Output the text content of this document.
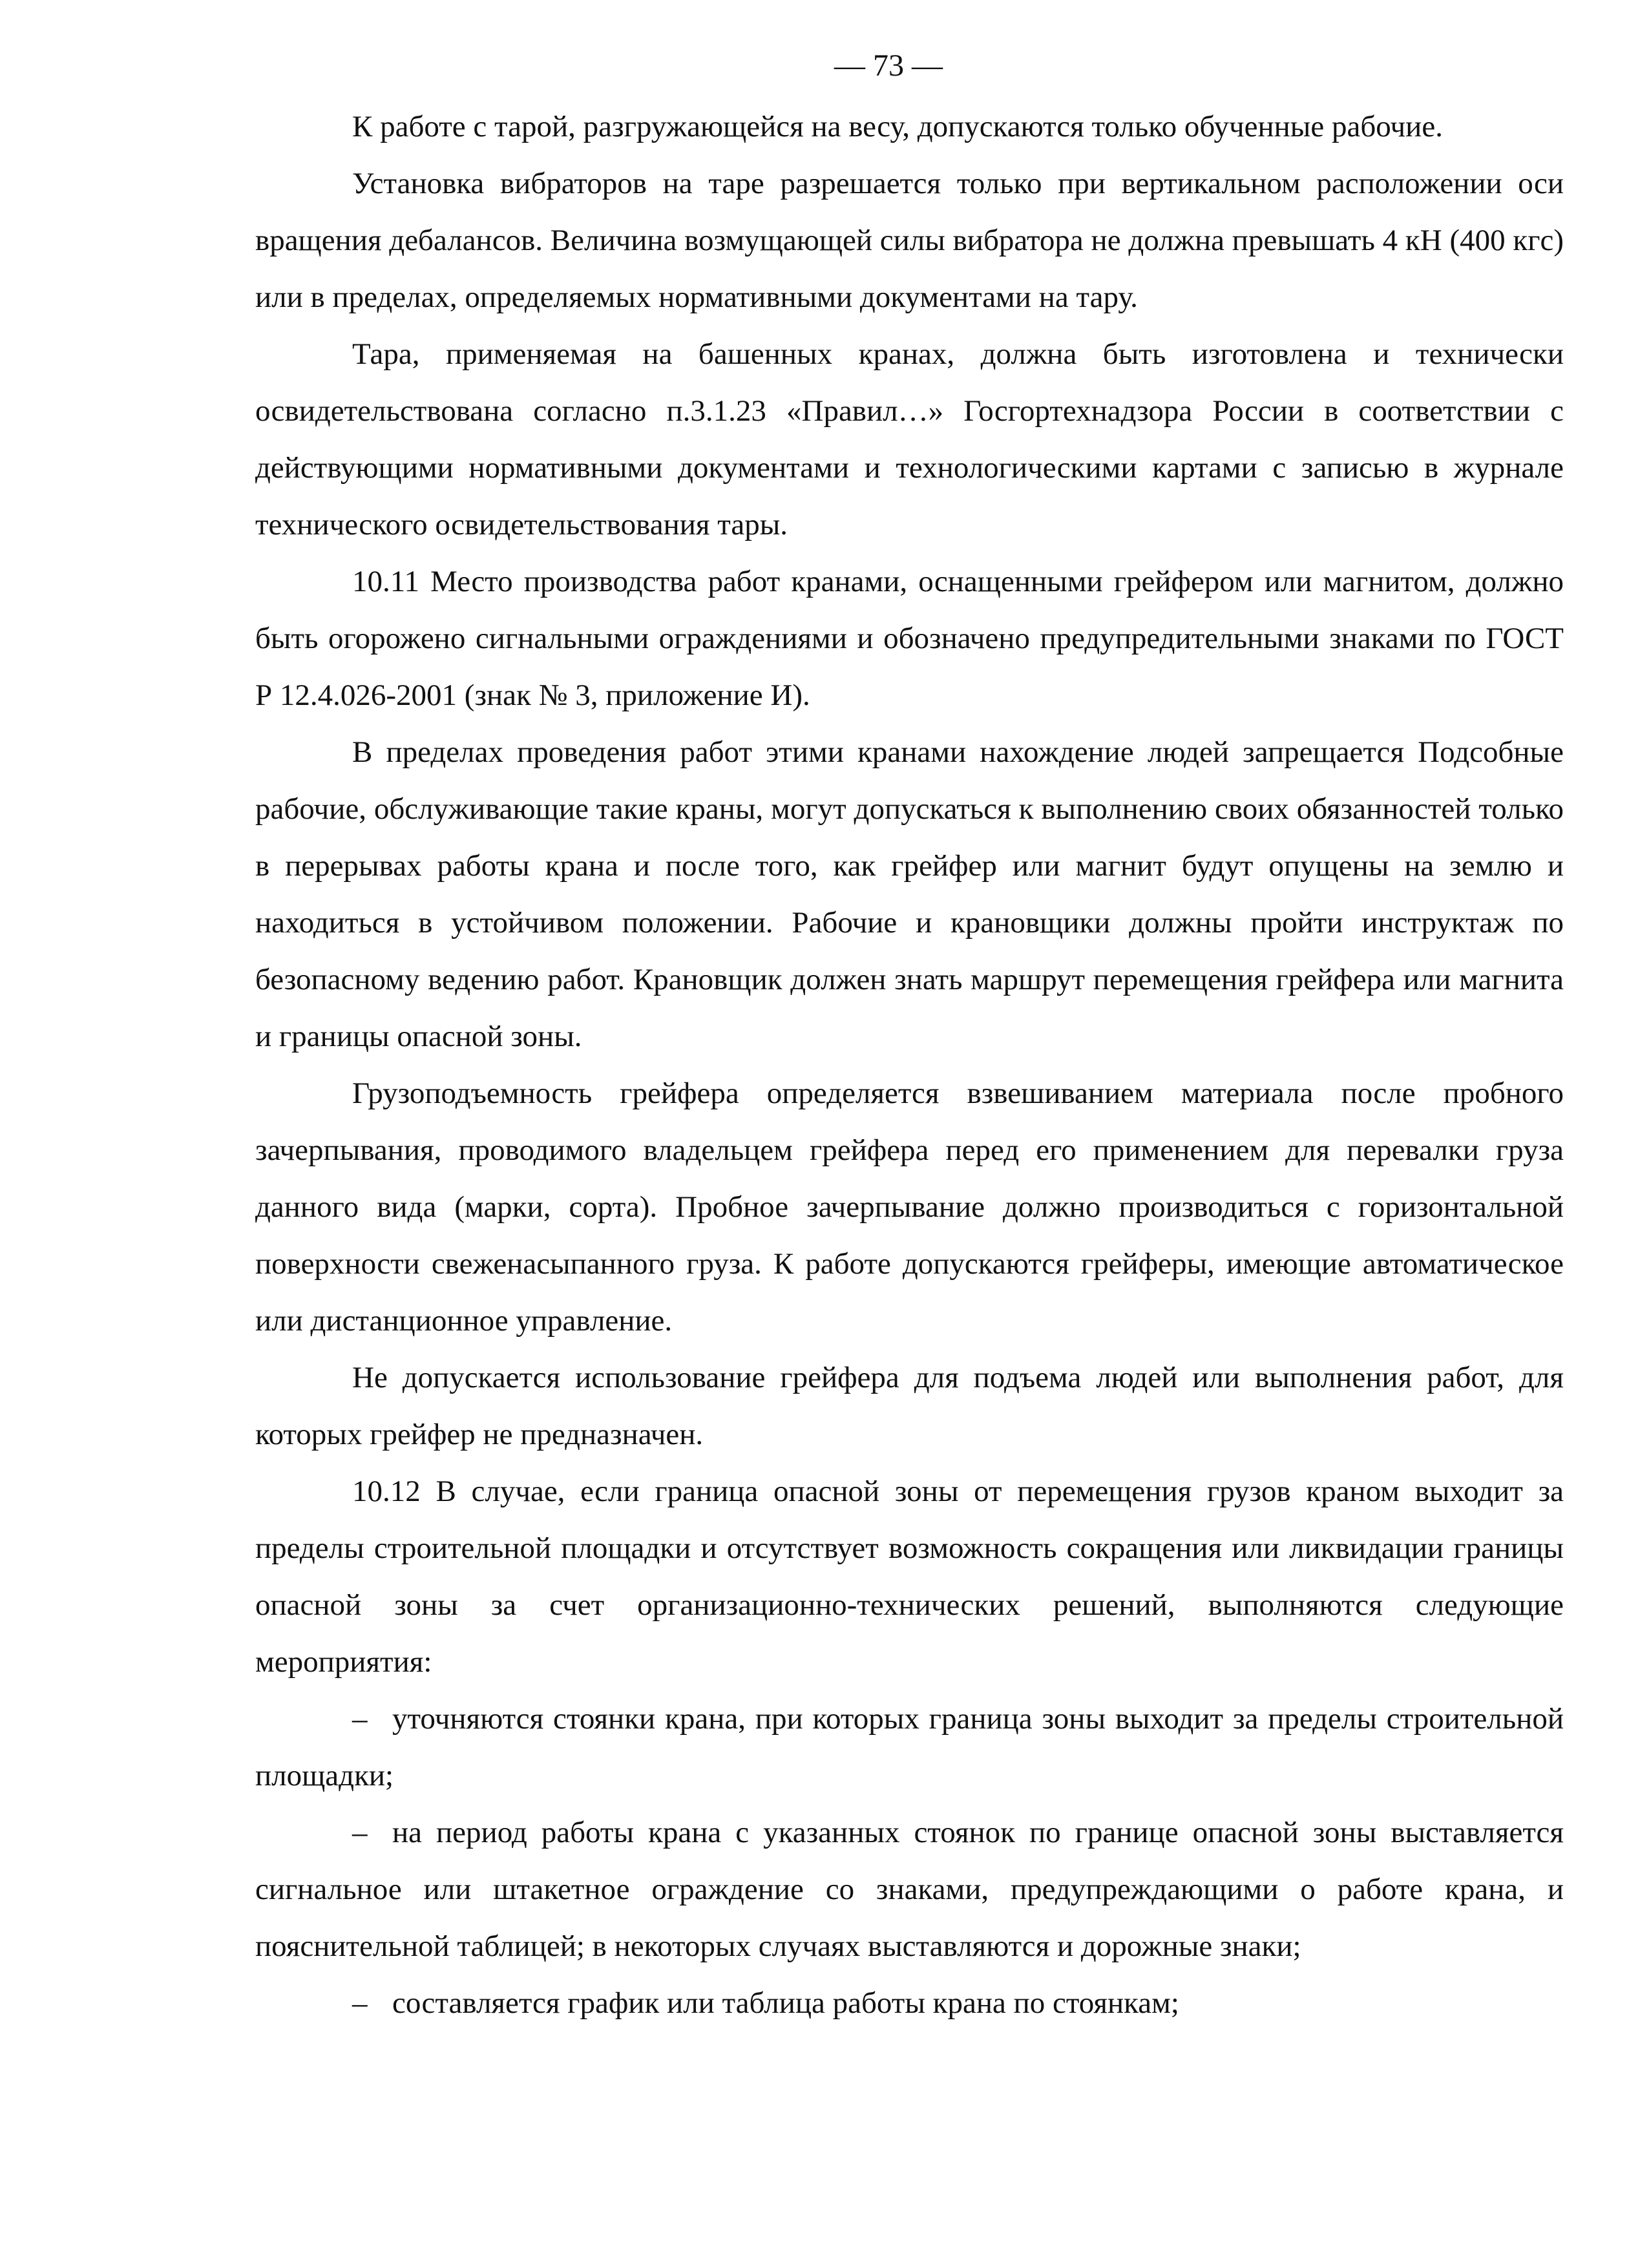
— 73 —

К работе с тарой, разгружающейся на весу, допускаются только обученные рабочие.

Установка вибраторов на таре разрешается только при вертикальном расположении оси вращения дебалансов. Величина возмущающей силы вибратора не должна превышать 4 кН (400 кгс) или в пределах, определяемых нормативными документами на тару.

Тара, применяемая на башенных кранах, должна быть изготовлена и технически освидетельствована согласно п.3.1.23 «Правил…» Госгортехнадзора России в соответствии с действующими нормативными документами и технологическими картами с записью в журнале технического освидетельствования тары.

10.11 Место производства работ кранами, оснащенными грейфером или магнитом, должно быть огорожено сигнальными ограждениями и обозначено предупредительными знаками по ГОСТ Р 12.4.026-2001 (знак № 3, приложение И).

В пределах проведения работ этими кранами нахождение людей запрещается Подсобные рабочие, обслуживающие такие краны, могут допускаться к выполнению своих обязанностей только в перерывах работы крана и после того, как грейфер или магнит будут опущены на землю и находиться в устойчивом положении. Рабочие и крановщики должны пройти инструктаж по безопасному ведению работ. Крановщик должен знать маршрут перемещения грейфера или магнита и границы опасной зоны.

Грузоподъемность грейфера определяется взвешиванием материала после пробного зачерпывания, проводимого владельцем грейфера перед его применением для перевалки груза данного вида (марки, сорта). Пробное зачерпывание должно производиться с горизонтальной поверхности свеженасыпанного груза. К работе допускаются грейферы, имеющие автоматическое или дистанционное управление.

Не допускается использование грейфера для подъема людей или выполнения работ, для которых грейфер не предназначен.

10.12 В случае, если граница опасной зоны от перемещения грузов краном выходит за пределы строительной площадки и отсутствует возможность сокращения или ликвидации границы опасной зоны за счет организационно-технических решений, выполняются следующие мероприятия:

– уточняются стоянки крана, при которых граница зоны выходит за пределы строительной площадки;

– на период работы крана с указанных стоянок по границе опасной зоны выставляется сигнальное или штакетное ограждение со знаками, предупреждающими о работе крана, и пояснительной таблицей; в некоторых случаях выставляются и дорожные знаки;

– составляется график или таблица работы крана по стоянкам;
